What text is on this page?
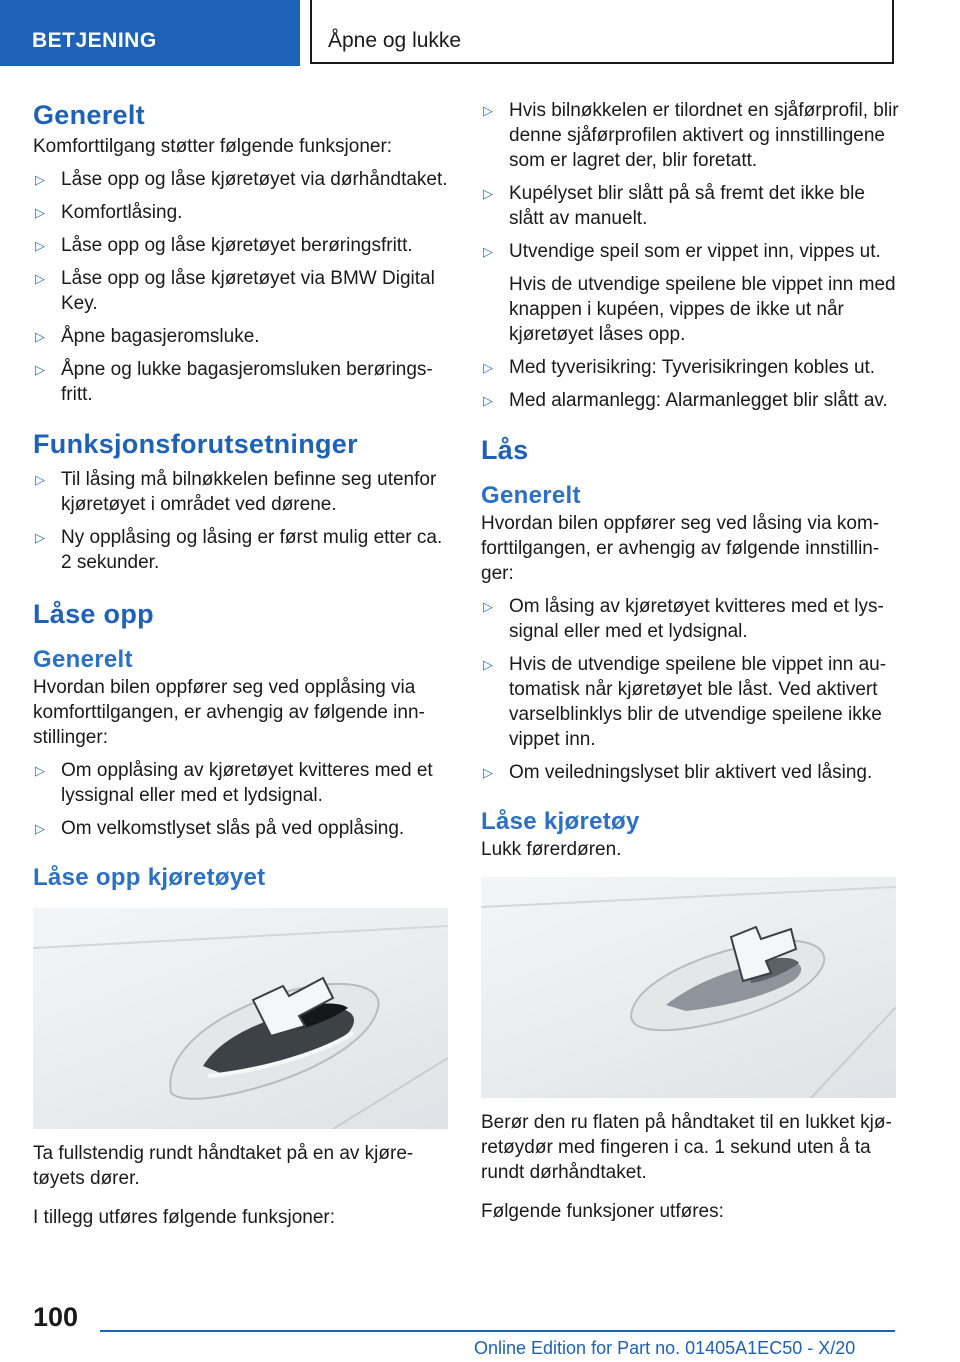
BETJENING	Åpne og lukke
Generelt

Komforttilgang støtter følgende funksjoner:

▷ Låse opp og låse kjøretøyet via dørhåndtaket.
▷ Komfortlåsing.
▷ Låse opp og låse kjøretøyet berøringsfritt.
▷ Låse opp og låse kjøretøyet via BMW Digital Key.
▷ Åpne bagasjeromsluke.
▷ Åpne og lukke bagasjeromsluken berørings-fritt.
Funksjonsforutsetninger
▷ Til låsing må bilnøkkelen befinne seg utenfor kjøretøyet i området ved dørene.
▷ Ny opplåsing og låsing er først mulig etter ca. 2 sekunder.
Låse opp
Generelt

Hvordan bilen oppfører seg ved opplåsing via komforttilgangen, er avhengig av følgende inn-stillinger:

▷ Om opplåsing av kjøretøyet kvitteres med et lyssignal eller med et lydsignal.
▷ Om velkomstlyset slås på ved opplåsing.
Låse opp kjøretøyet

Ta fullstendig rundt håndtaket på en av kjøre-tøyets dører.

I tillegg utføres følgende funksjoner:

▷ Hvis bilnøkkelen er tilordnet en sjåførprofil, blir denne sjåførprofilen aktivert og innstillingene som er lagret der, blir foretatt.
▷ Kupélyset blir slått på så fremt det ikke ble slått av manuelt.
▷ Utvendige speil som er vippet inn, vippes ut.

Hvis de utvendige speilene ble vippet inn med knappen i kupéen, vippes de ikke ut når kjøretøyet låses opp.

▷ Med tyverisikring: Tyverisikringen kobles ut.
▷ Med alarmanlegg: Alarmanlegget blir slått av.
Lås
Generelt

Hvordan bilen oppfører seg ved låsing via kom-forttilgangen, er avhengig av følgende innstillin-ger:

▷ Om låsing av kjøretøyet kvitteres med et lys-signal eller med et lydsignal.
▷ Hvis de utvendige speilene ble vippet inn au-tomatisk når kjøretøyet ble låst. Ved aktivert varselblinklys blir de utvendige speilene ikke vippet inn.
▷ Om veiledningslyset blir aktivert ved låsing.
Låse kjøretøy

Lukk førerdøren.

Berør den ru flaten på håndtaket til en lukket kjø-retøydør med fingeren i ca. 1 sekund uten å ta rundt dørhåndtaket.

Følgende funksjoner utføres:

100
Online Edition for Part no. 01405A1EC50 - X/20
